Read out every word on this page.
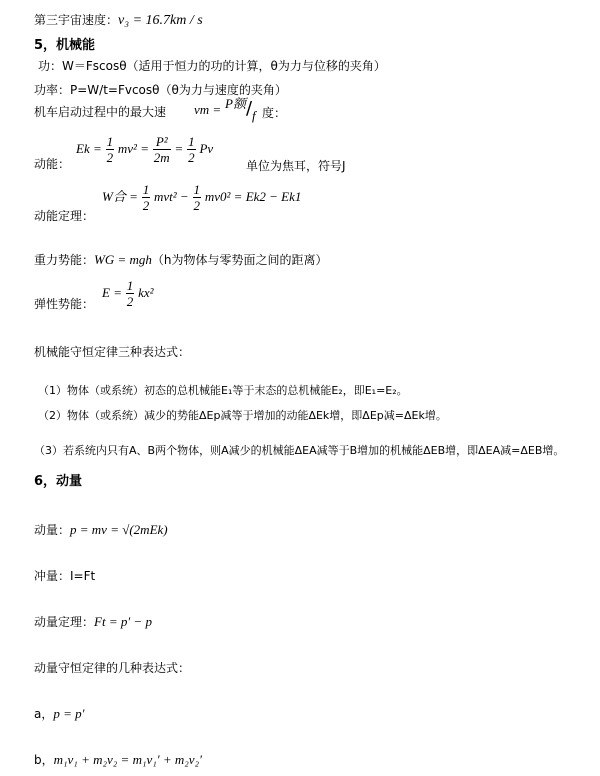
第三宇宙速度：v₃ = 16.7km / s
5，机械能
功：W＝Fscosθ（适用于恒力的功的计算，θ为力与位移的夹角）
功率：P=W/t=Fvcosθ（θ为力与速度的夹角）
机车启动过程中的最大速 vm = P额/f 度：
动能：
$Ek = \frac{1}{2} mv^2 = \frac{\text{P²}}{2m} = \frac{1}{2}$ Pv
单位为焦耳，符号J
动能定理：
W合 = $\frac{1}{2} mvt^2 - \frac{1}{2} mv0^2 = Ek2 - Ek1$
重力势能：WG = mgh（h为物体与零势面之间的距离）
弹性势能：
$E = \frac{1}{2} kx^2$
机械能守恒定律三种表达式：
（1）物体（或系统）初态的总机械能E₁等于末态的总机械能E₂，即E₁=E₂。
（2）物体（或系统）减少的势能ΔEp减等于增加的动能ΔEk增，即ΔEp减=ΔEk增。
（3）若系统内只有A、B两个物体，则A减少的机械能ΔEA减等于B增加的机械能ΔEB增，即ΔEA减=ΔEB增。
6，动量
动量：p = mv = √(2mEk)
冲量：I=Ft
动量定理：Ft = p′ − p
动量守恒定律的几种表达式：
a，p = p′
b，m₁v₁ + m₂v₂ = m₁v₁′ + m₂v₂′
